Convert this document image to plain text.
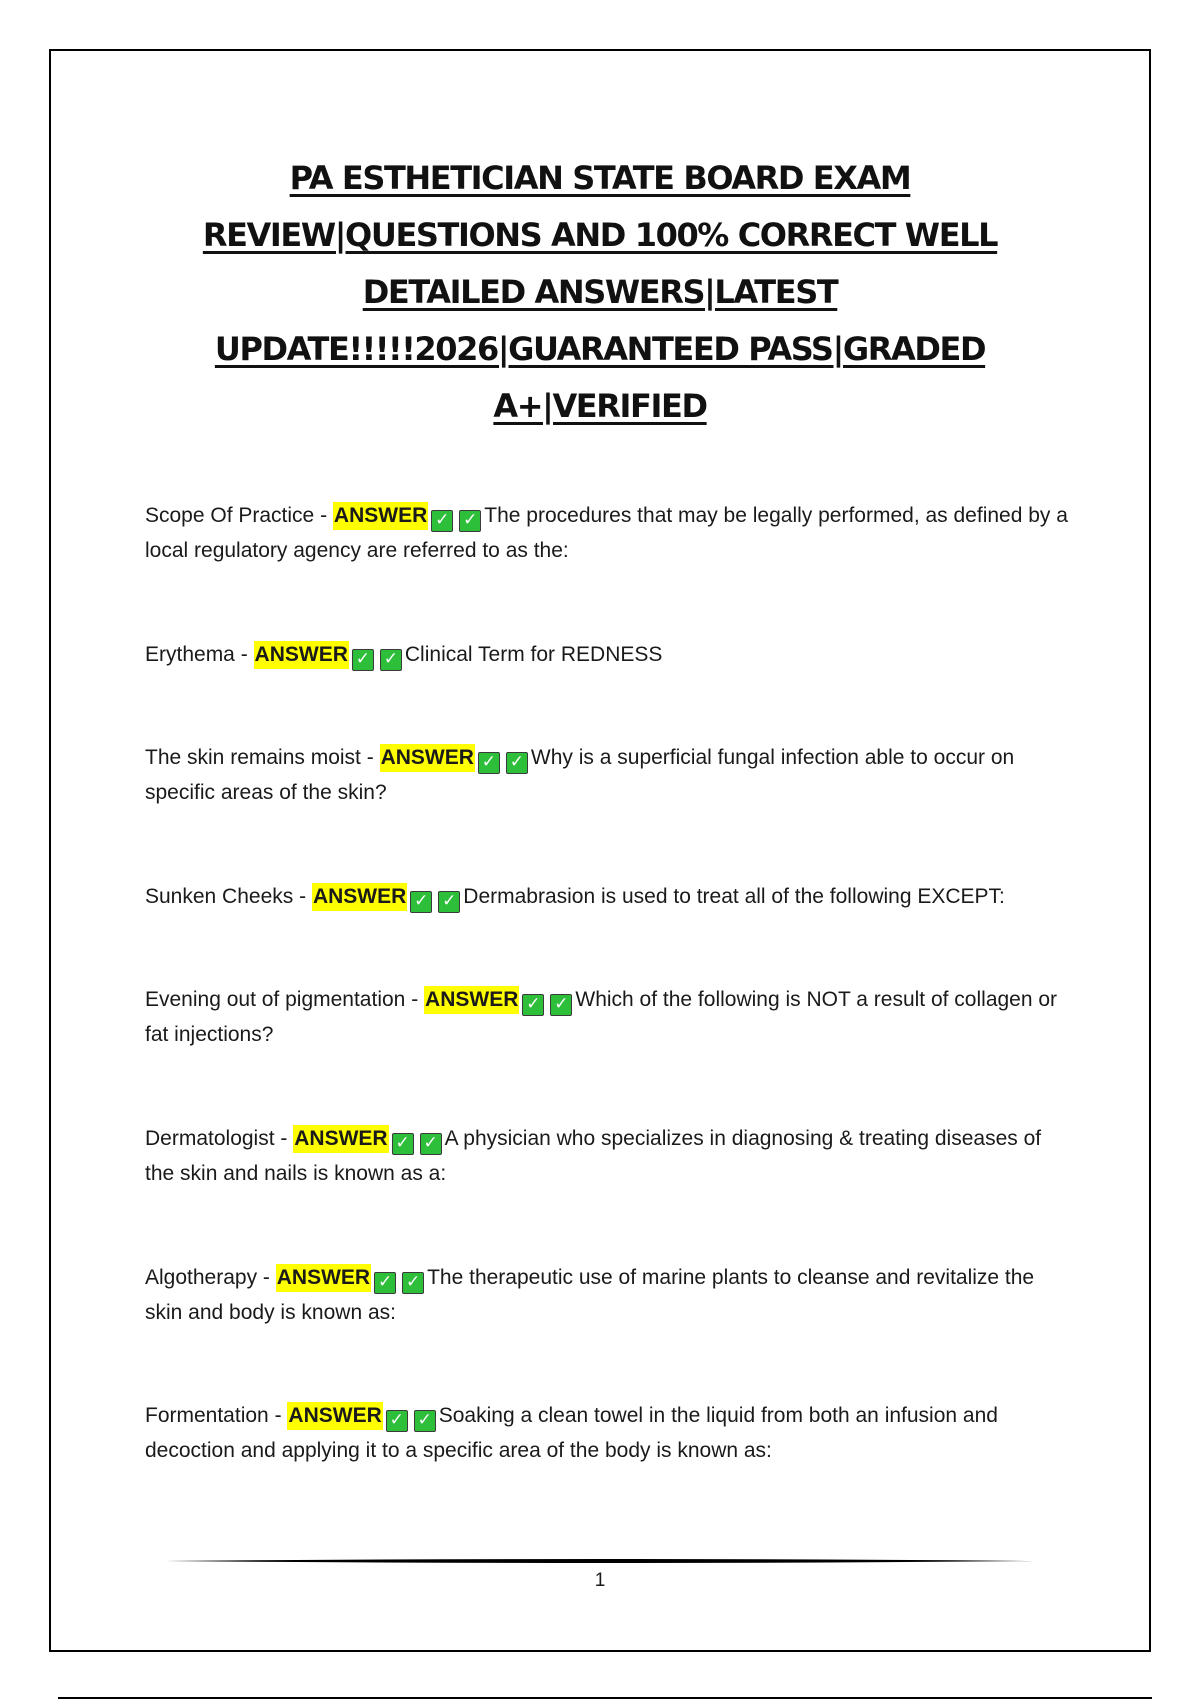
PA ESTHETICIAN STATE BOARD EXAM REVIEW|QUESTIONS AND 100% CORRECT WELL DETAILED ANSWERS|LATEST UPDATE!!!!!2026|GUARANTEED PASS|GRADED A+|VERIFIED

Scope Of Practice - ANSWER ✓ ✓ The procedures that may be legally performed, as defined by a local regulatory agency are referred to as the:

Erythema - ANSWER ✓ ✓ Clinical Term for REDNESS

The skin remains moist - ANSWER ✓ ✓ Why is a superficial fungal infection able to occur on specific areas of the skin?

Sunken Cheeks - ANSWER ✓ ✓ Dermabrasion is used to treat all of the following EXCEPT:

Evening out of pigmentation - ANSWER ✓ ✓ Which of the following is NOT a result of collagen or fat injections?

Dermatologist - ANSWER ✓ ✓ A physician who specializes in diagnosing & treating diseases of the skin and nails is known as a:

Algotherapy - ANSWER ✓ ✓ The therapeutic use of marine plants to cleanse and revitalize the skin and body is known as:

Formentation - ANSWER ✓ ✓ Soaking a clean towel in the liquid from both an infusion and decoction and applying it to a specific area of the body is known as:

1
